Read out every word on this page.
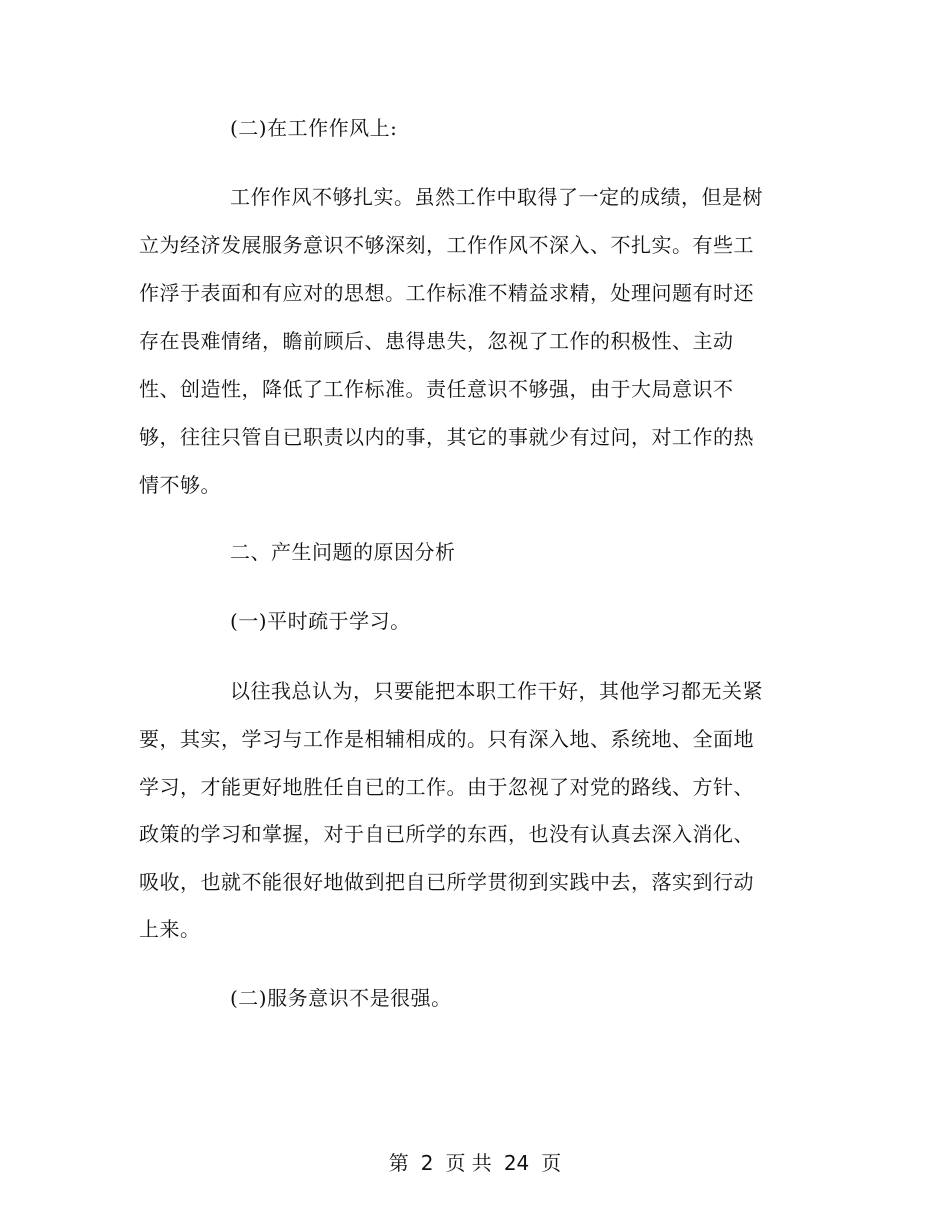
(二)在工作作风上:
工作作风不够扎实。虽然工作中取得了一定的成绩，但是树
立为经济发展服务意识不够深刻，工作作风不深入、不扎实。有些工
作浮于表面和有应对的思想。工作标准不精益求精，处理问题有时还
存在畏难情绪，瞻前顾后、患得患失，忽视了工作的积极性、主动
性、创造性，降低了工作标准。责任意识不够强，由于大局意识不
够，往往只管自已职责以内的事，其它的事就少有过问，对工作的热
情不够。
二、产生问题的原因分析
(一)平时疏于学习。
以往我总认为，只要能把本职工作干好，其他学习都无关紧
要，其实，学习与工作是相辅相成的。只有深入地、系统地、全面地
学习，才能更好地胜任自已的工作。由于忽视了对党的路线、方针、
政策的学习和掌握，对于自已所学的东西，也没有认真去深入消化、
吸收，也就不能很好地做到把自已所学贯彻到实践中去，落实到行动
上来。
(二)服务意识不是很强。
第 2 页 共 24 页
